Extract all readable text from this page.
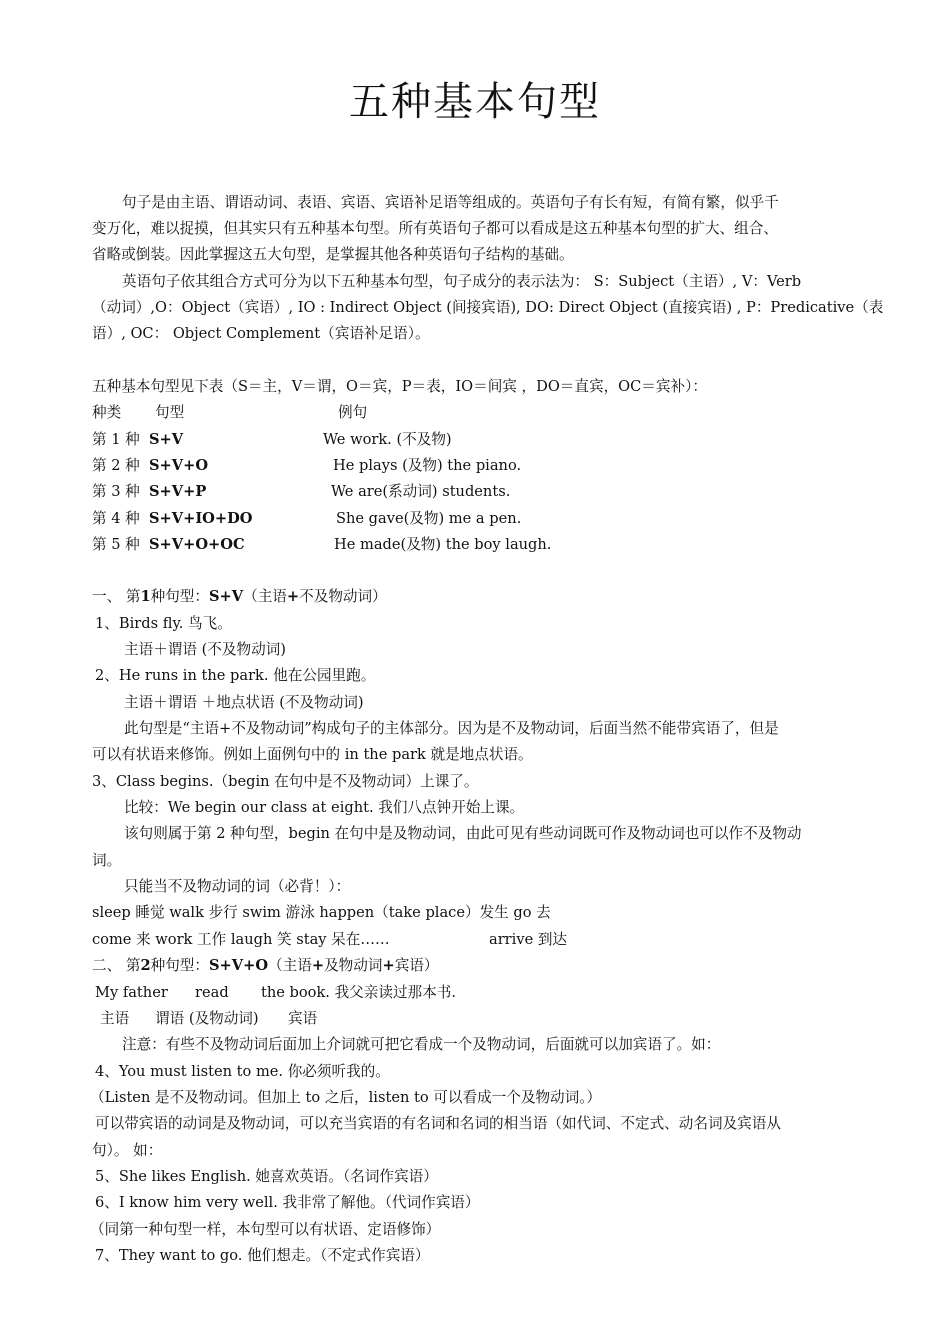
五种基本句型
句子是由主语、谓语动词、表语、宾语、宾语补足语等组成的。英语句子有长有短，有简有繁，似乎千
变万化，难以捉摸，但其实只有五种基本句型。所有英语句子都可以看成是这五种基本句型的扩大、组合、
省略或倒装。因此掌握这五大句型，是掌握其他各种英语句子结构的基础。
英语句子依其组合方式可分为以下五种基本句型，句子成分的表示法为： S：Subject（主语）, V：Verb
（动词）,O：Object（宾语）, IO : Indirect Object (间接宾语), DO: Direct Object (直接宾语) , P：Predicative（表
语）, OC： Object Complement（宾语补足语）。
五种基本句型见下表（S＝主，V＝谓，O＝宾，P＝表，IO＝间宾 ，DO＝直宾，OC＝宾补）：
种类 句型	例句
第 1 种 S+V	We work. (不及物)
第 2 种 S+V+O	He plays (及物) the piano.
第 3 种 S+V+P	We are(系动词) students.
第 4 种 S+V+IO+DO	She gave(及物) me a pen.
第 5 种 S+V+O+OC	He made(及物) the boy laugh.
一、 第1种句型：S+V（主语+不及物动词）
1、Birds fly. 鸟飞。
主语＋谓语 (不及物动词)
2、He runs in the park. 他在公园里跑。
主语＋谓语 ＋地点状语 (不及物动词)
此句型是“主语+不及物动词”构成句子的主体部分。因为是不及物动词，后面当然不能带宾语了，但是
可以有状语来修饰。例如上面例句中的 in the park 就是地点状语。
3、Class begins.（begin 在句中是不及物动词）上课了。
比较：We begin our class at eight. 我们八点钟开始上课。
该句则属于第 2 种句型，begin 在句中是及物动词，由此可见有些动词既可作及物动词也可以作不及物动
词。
只能当不及物动词的词（必背！）：
sleep 睡觉 walk 步行 swim 游泳 happen（take place）发生 go 去
come 来 work 工作 laugh 笑 stay 呆在……	arrive 到达
二、 第2种句型：S+V+O（主语+及物动词+宾语）
My father read the book. 我父亲读过那本书.
主语 谓语 (及物动词) 宾语
注意：有些不及物动词后面加上介词就可把它看成一个及物动词，后面就可以加宾语了。如：
4、You must listen to me. 你必须听我的。
（Listen 是不及物动词。但加上 to 之后，listen to 可以看成一个及物动词。）
可以带宾语的动词是及物动词，可以充当宾语的有名词和名词的相当语（如代词、不定式、动名词及宾语从
句）。 如：
5、She likes English. 她喜欢英语。（名词作宾语）
6、I know him very well. 我非常了解他。（代词作宾语）
（同第一种句型一样，本句型可以有状语、定语修饰）
7、They want to go. 他们想走。（不定式作宾语）
